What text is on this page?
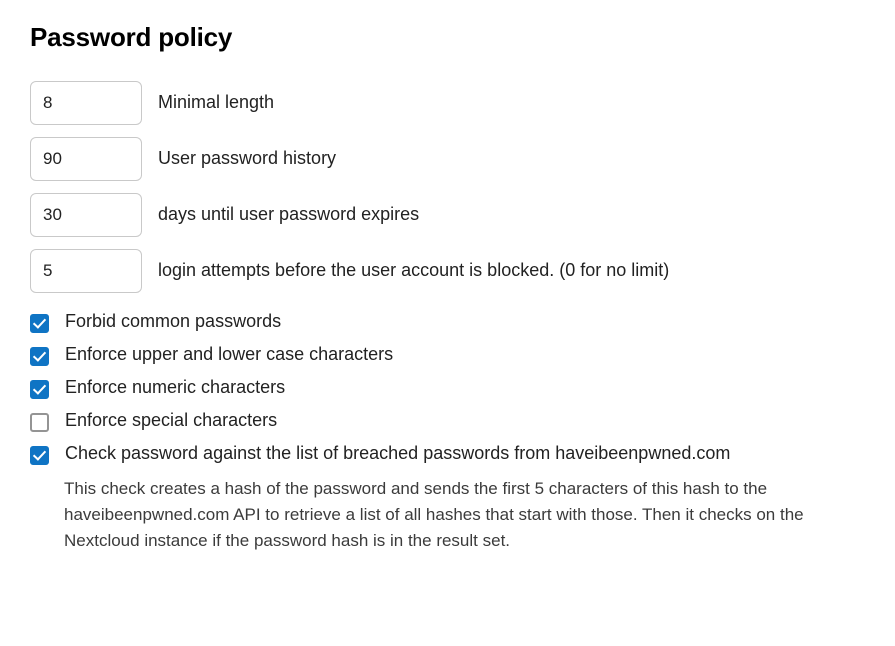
Password policy
8
Minimal length
90
User password history
30
days until user password expires
5
login attempts before the user account is blocked. (0 for no limit)
Forbid common passwords
Enforce upper and lower case characters
Enforce numeric characters
Enforce special characters
Check password against the list of breached passwords from haveibeenpwned.com

This check creates a hash of the password and sends the first 5 characters of this hash to the haveibeenpwned.com API to retrieve a list of all hashes that start with those. Then it checks on the Nextcloud instance if the password hash is in the result set.
